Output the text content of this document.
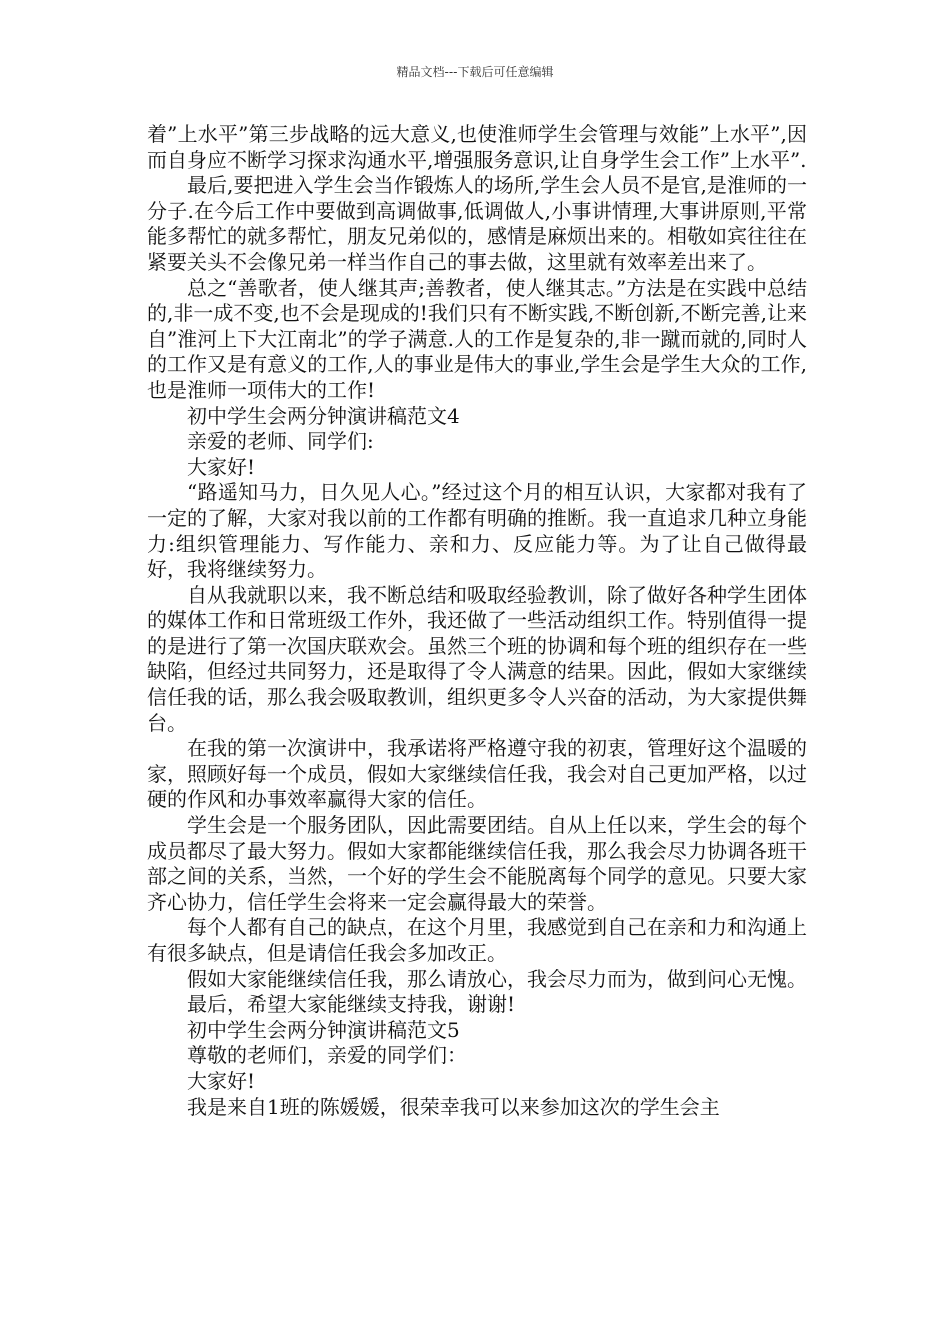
精品文档---下载后可任意编辑

着”上水平”第三步战略的远大意义,也使淮师学生会管理与效能”上水平”,因而自身应不断学习探求沟通水平,增强服务意识,让自身学生会工作”上水平”.

最后,要把进入学生会当作锻炼人的场所,学生会人员不是官,是淮师的一分子.在今后工作中要做到高调做事,低调做人,小事讲情理,大事讲原则,平常能多帮忙的就多帮忙，朋友兄弟似的，感情是麻烦出来的。相敬如宾往往在紧要关头不会像兄弟一样当作自己的事去做，这里就有效率差出来了。

总之“善歌者，使人继其声;善教者，使人继其志。”方法是在实践中总结的,非一成不变,也不会是现成的!我们只有不断实践,不断创新,不断完善,让来自”淮河上下大江南北”的学子满意.人的工作是复杂的,非一蹴而就的,同时人的工作又是有意义的工作,人的事业是伟大的事业,学生会是学生大众的工作,也是淮师一项伟大的工作!

初中学生会两分钟演讲稿范文4

亲爱的老师、同学们:

大家好!

“路遥知马力，日久见人心。”经过这个月的相互认识，大家都对我有了一定的了解，大家对我以前的工作都有明确的推断。我一直追求几种立身能力:组织管理能力、写作能力、亲和力、反应能力等。为了让自己做得最好，我将继续努力。

自从我就职以来，我不断总结和吸取经验教训，除了做好各种学生团体的媒体工作和日常班级工作外，我还做了一些活动组织工作。特别值得一提的是进行了第一次国庆联欢会。虽然三个班的协调和每个班的组织存在一些缺陷，但经过共同努力，还是取得了令人满意的结果。因此，假如大家继续信任我的话，那么我会吸取教训，组织更多令人兴奋的活动，为大家提供舞台。

在我的第一次演讲中，我承诺将严格遵守我的初衷，管理好这个温暖的家，照顾好每一个成员，假如大家继续信任我，我会对自己更加严格，以过硬的作风和办事效率赢得大家的信任。

学生会是一个服务团队，因此需要团结。自从上任以来，学生会的每个成员都尽了最大努力。假如大家都能继续信任我，那么我会尽力协调各班干部之间的关系，当然，一个好的学生会不能脱离每个同学的意见。只要大家齐心协力，信任学生会将来一定会赢得最大的荣誉。

每个人都有自己的缺点，在这个月里，我感觉到自己在亲和力和沟通上有很多缺点，但是请信任我会多加改正。

假如大家能继续信任我，那么请放心，我会尽力而为，做到问心无愧。

最后，希望大家能继续支持我，谢谢!

初中学生会两分钟演讲稿范文5

尊敬的老师们，亲爱的同学们：

大家好!

我是来自1班的陈媛媛，很荣幸我可以来参加这次的学生会主
